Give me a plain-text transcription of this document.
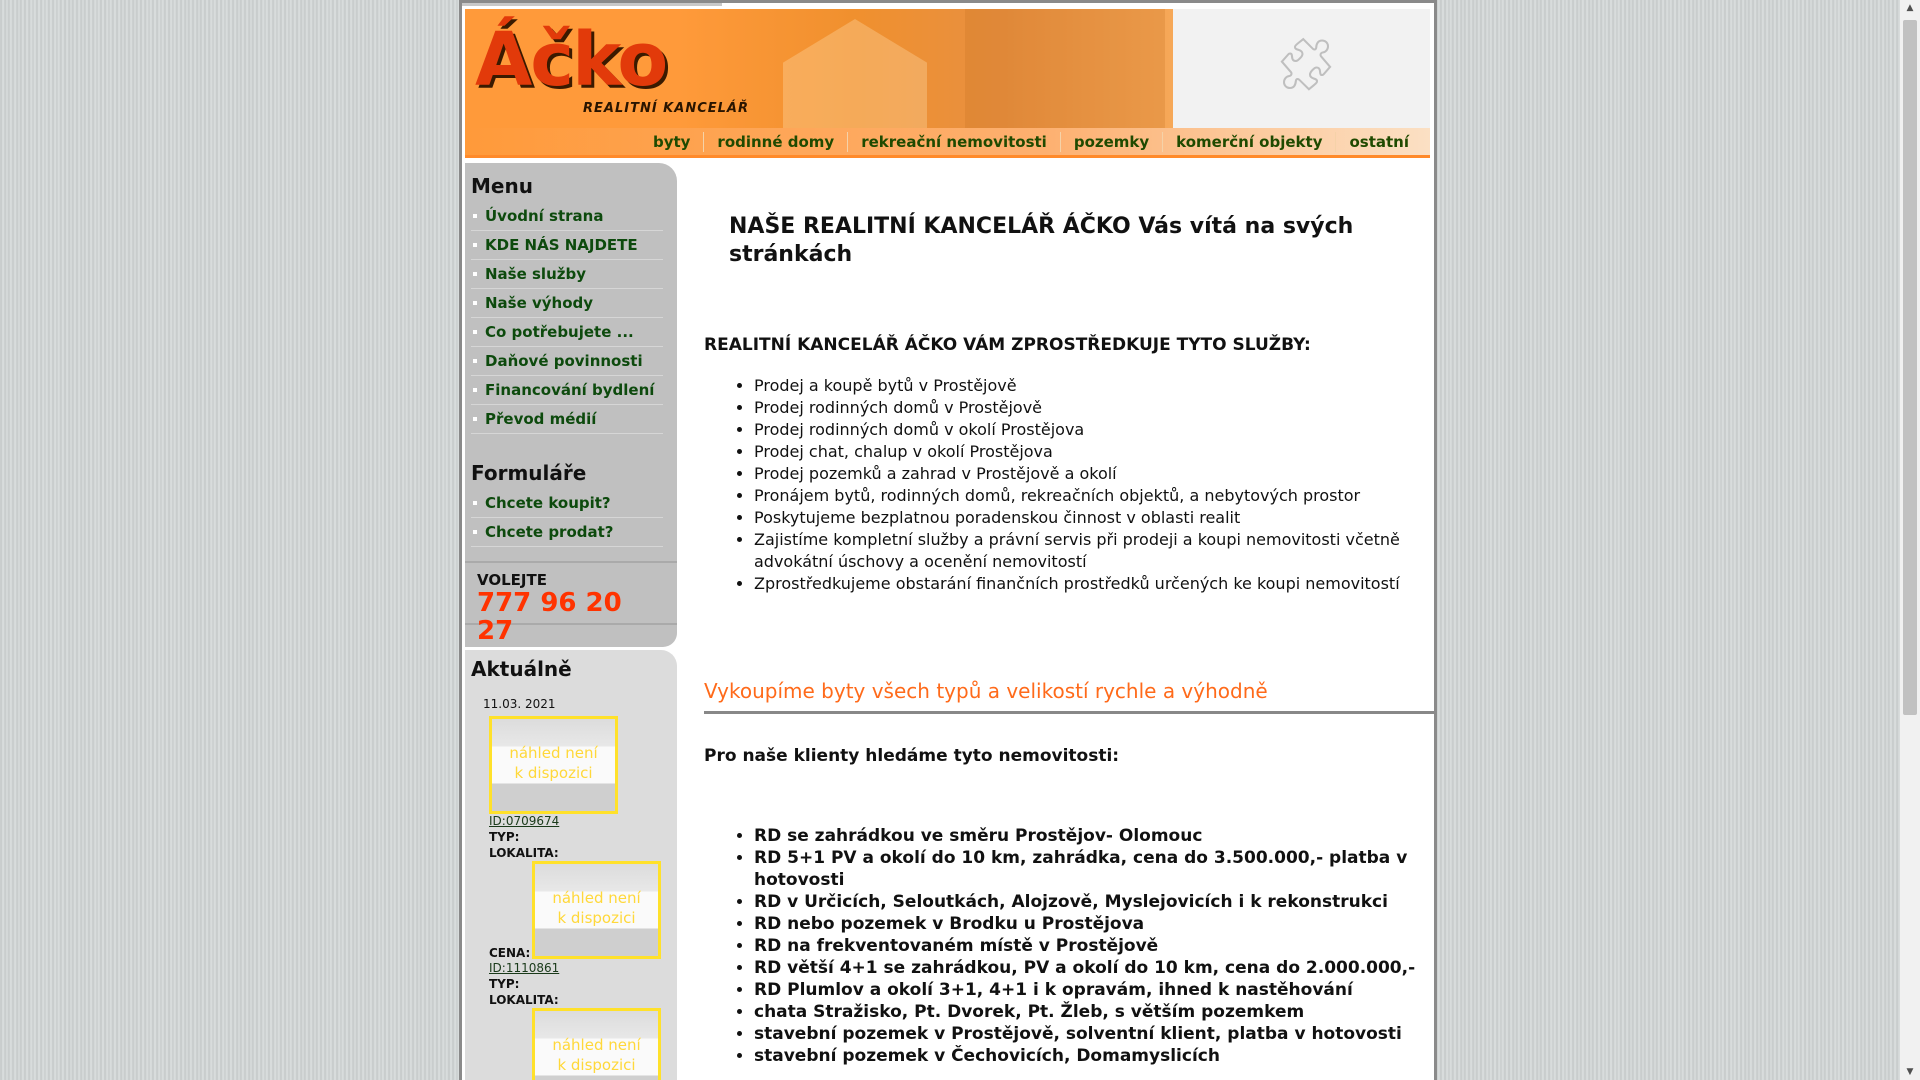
Áčko
REALITNÍ KANCELÁŘ
🧩︎
byty	rodinné domy	rekreační nemovitosti	pozemky	komerční objekty	ostatní
Menu
Úvodní strana
KDE NÁS NAJDETE
Naše služby
Naše výhody
Co potřebujete ...
Daňové povinnosti
Financování bydlení
Převod médií
Formuláře
Chcete koupit?
Chcete prodat?
VOLEJTE
777 96 20 27
Aktuálně
11.03. 2021
náhled není
k dispozici
ID:0709674
TYP:
LOKALITA:
náhled není
k dispozici
CENA:
ID:1110861
TYP:
LOKALITA:
náhled není
k dispozici
NAŠE REALITNÍ KANCELÁŘ ÁČKO Vás vítá na svých stránkách
REALITNÍ KANCELÁŘ ÁČKO VÁM ZPROSTŘEDKUJE TYTO SLUŽBY:
• Prodej a koupě bytů v Prostějově
• Prodej rodinných domů v Prostějově
• Prodej rodinných domů v okolí Prostějova
• Prodej chat, chalup v okolí Prostějova
• Prodej pozemků a zahrad v Prostějově a okolí
• Pronájem bytů, rodinných domů, rekreačních objektů, a nebytových prostor
• Poskytujeme bezplatnou poradenskou činnost v oblasti realit
• Zajistíme kompletní služby a právní servis při prodeji a koupi nemovitosti včetně advokátní úschovy a ocenění nemovitostí
• Zprostředkujeme obstarání finančních prostředků určených ke koupi nemovitostí
Vykoupíme byty všech typů a velikostí rychle a výhodně
Pro naše klienty hledáme tyto nemovitosti:
• RD se zahrádkou ve směru Prostějov- Olomouc
• RD 5+1 PV a okolí do 10 km, zahrádka, cena do 3.500.000,- platba v hotovosti
• RD v Určicích, Seloutkách, Alojzově, Myslejovicích i k rekonstrukci
• RD nebo pozemek v Brodku u Prostějova
• RD na frekventovaném místě v Prostějově
• RD větší 4+1 se zahrádkou, PV a okolí do 10 km, cena do 2.000.000,-
• RD Plumlov a okolí 3+1, 4+1 i k opravám, ihned k nastěhování
• chata Stražisko, Pt. Dvorek, Pt. Žleb, s větším pozemkem
• stavební pozemek v Prostějově, solventní klient, platba v hotovosti
• stavební pozemek v Čechovicích, Domamyslicích
▲
▼
